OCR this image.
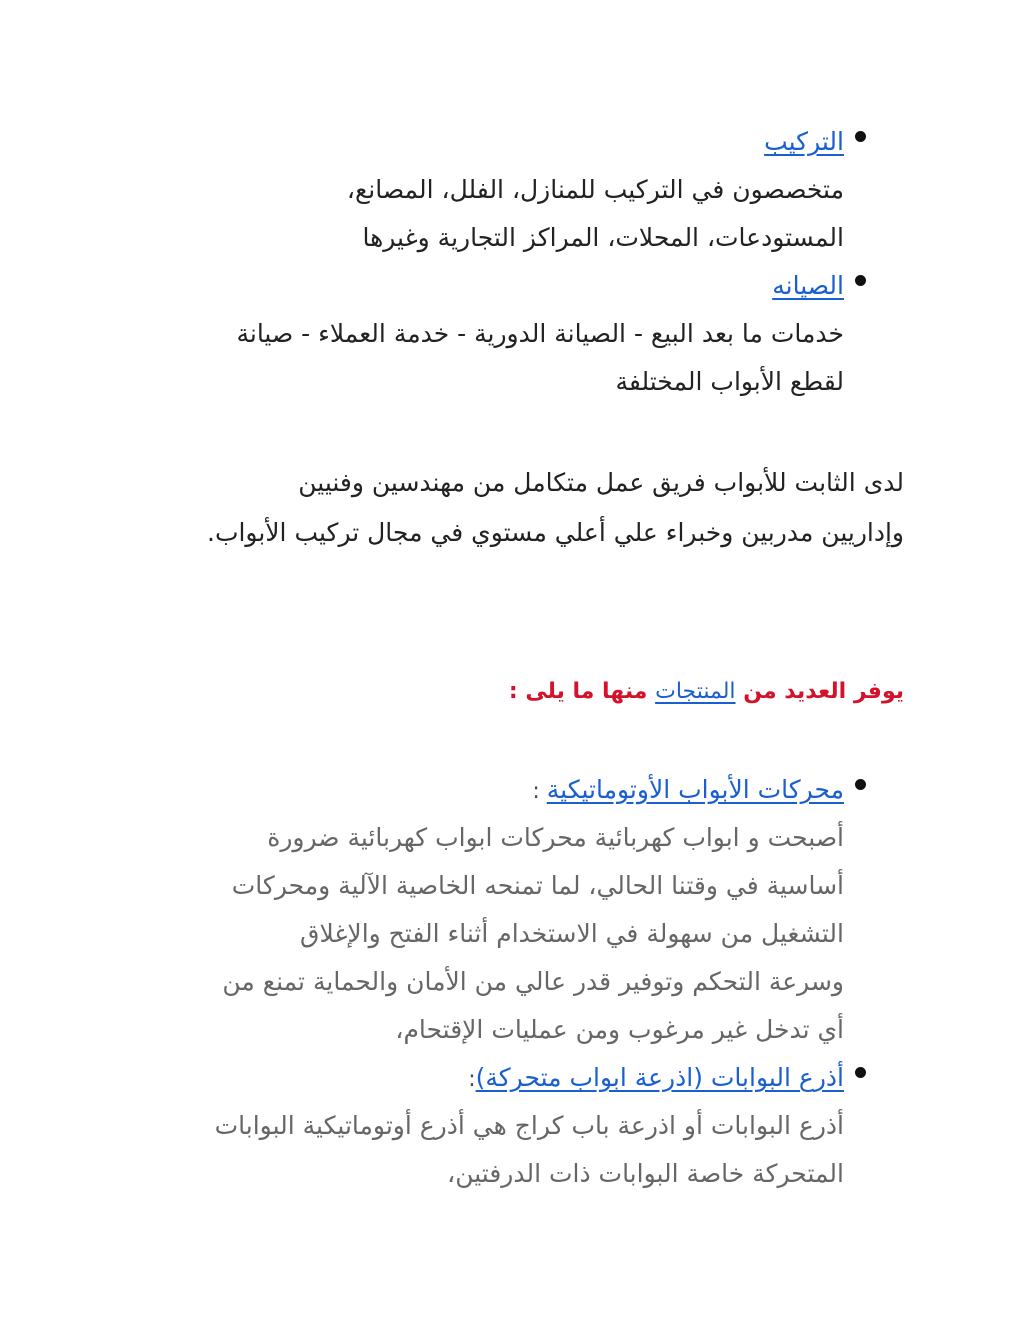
التركيب
متخصصون في التركيب للمنازل، الفلل، المصانع،
المستودعات، المحلات، المراكز التجارية وغيرها
الصيانه
خدمات ما بعد البيع - الصيانة الدورية - خدمة العملاء - صيانة
لقطع الأبواب المختلفة
لدى الثابت للأبواب فريق عمل متكامل من مهندسين وفنيين
وإداريين مدربين وخبراء علي أعلي مستوي في مجال تركيب الأبواب.
يوفر العديد من المنتجات منها ما يلى :
محركات الأبواب الأوتوماتيكية :
أصبحت و ابواب كهربائية محركات ابواب كهربائية ضرورة
أساسية في وقتنا الحالي، لما تمنحه الخاصية الآلية ومحركات
التشغيل من سهولة في الاستخدام أثناء الفتح والإغلاق
وسرعة التحكم وتوفير قدر عالي من الأمان والحماية تمنع من
أي تدخل غير مرغوب ومن عمليات الإقتحام،
أذرع البوابات (اذرعة ابواب متحركة):
أذرع البوابات أو اذرعة باب كراج هي أذرع أوتوماتيكية البوابات
المتحركة خاصة البوابات ذات الدرفتين،
